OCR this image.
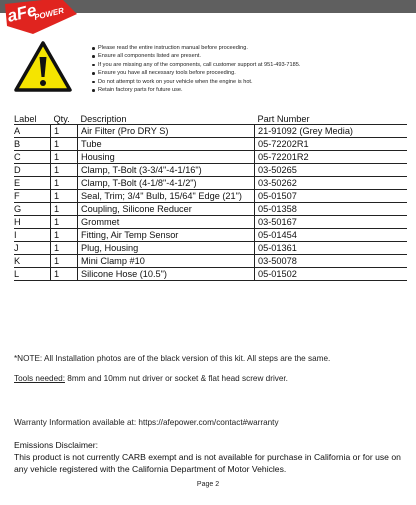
aFe
POWER
Please read the entire instruction manual before proceeding.
Ensure all components listed are present.
If you are missing any of the components, call customer support at 951-493-7185.
Ensure you have all necessary tools before proceeding.
Do not attempt to work on your vehicle when the engine is hot.
Retain factory parts for future use.
Label	Qty.	Description	Part Number
A	1	Air Filter (Pro DRY S)	21-91092 (Grey Media)
B	1	Tube	05-72202R1
C	1	Housing	05-72201R2
D	1	Clamp, T-Bolt (3-3/4"-4-1/16")	03-50265
E	1	Clamp, T-Bolt (4-1/8"-4-1/2")	03-50262
F	1	Seal, Trim; 3/4" Bulb, 15/64" Edge (21")	05-01507
G	1	Coupling, Silicone Reducer	05-01358
H	1	Grommet	03-50167
I	1	Fitting, Air Temp Sensor	05-01454
J	1	Plug, Housing	05-01361
K	1	Mini Clamp #10	03-50078
L	1	Silicone Hose (10.5")	05-01502
*NOTE: All Installation photos are of the black version of this kit. All steps are the same.
Tools needed: 8mm and 10mm nut driver or socket & flat head screw driver.
Warranty Information available at: https://afepower.com/contact#warranty
Emissions Disclaimer:
This product is not currently CARB exempt and is not available for purchase in California or for use on any vehicle registered with the California Department of Motor Vehicles.
Page 2
